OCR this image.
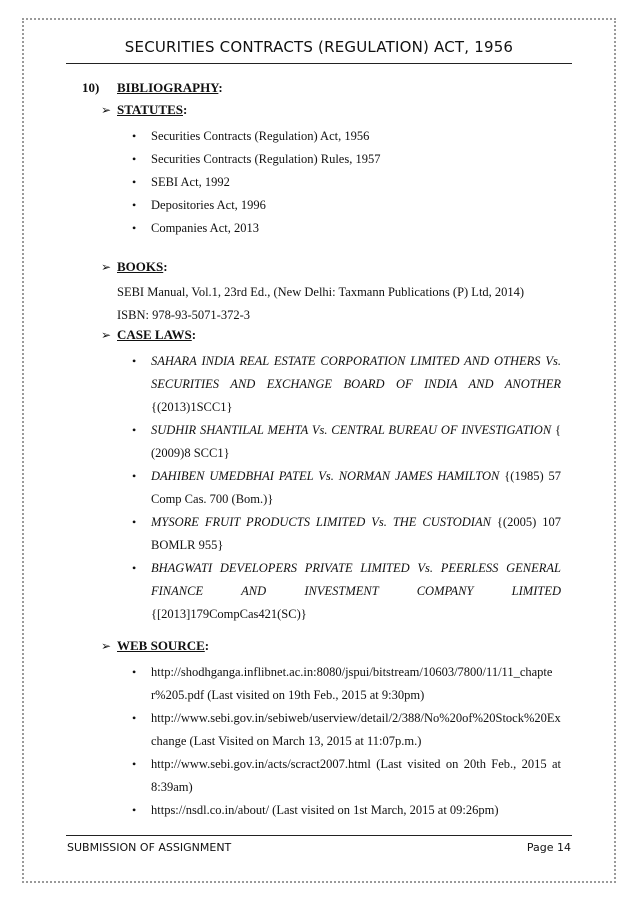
SECURITIES CONTRACTS (REGULATION) ACT, 1956
10) BIBLIOGRAPHY:
➢ STATUTES:
• Securities Contracts (Regulation) Act, 1956
• Securities Contracts (Regulation) Rules, 1957
• SEBI Act, 1992
• Depositories Act, 1996
• Companies Act, 2013
➢ BOOKS:
SEBI Manual, Vol.1, 23rd Ed., (New Delhi: Taxmann Publications (P) Ltd, 2014)
ISBN: 978-93-5071-372-3
➢ CASE LAWS:
• SAHARA INDIA REAL ESTATE CORPORATION LIMITED AND OTHERS Vs. SECURITIES AND EXCHANGE BOARD OF INDIA AND ANOTHER {(2013)1SCC1}
• SUDHIR SHANTILAL MEHTA Vs. CENTRAL BUREAU OF INVESTIGATION { (2009)8 SCC1}
• DAHIBEN UMEDBHAI PATEL Vs. NORMAN JAMES HAMILTON {(1985) 57 Comp Cas. 700 (Bom.)}
• MYSORE FRUIT PRODUCTS LIMITED Vs. THE CUSTODIAN {(2005) 107 BOMLR 955}
• BHAGWATI DEVELOPERS PRIVATE LIMITED Vs. PEERLESS GENERAL FINANCE AND INVESTMENT COMPANY LIMITED {[2013]179CompCas421(SC)}
➢ WEB SOURCE:
• http://shodhganga.inflibnet.ac.in:8080/jspui/bitstream/10603/7800/11/11_chapter%205.pdf (Last visited on 19th Feb., 2015 at 9:30pm)
• http://www.sebi.gov.in/sebiweb/userview/detail/2/388/No%20of%20Stock%20Exchange (Last Visited on March 13, 2015 at 11:07p.m.)
• http://www.sebi.gov.in/acts/scract2007.html (Last visited on 20th Feb., 2015 at 8:39am)
• https://nsdl.co.in/about/ (Last visited on 1st March, 2015 at 09:26pm)
SUBMISSION OF ASSIGNMENT	Page 14
